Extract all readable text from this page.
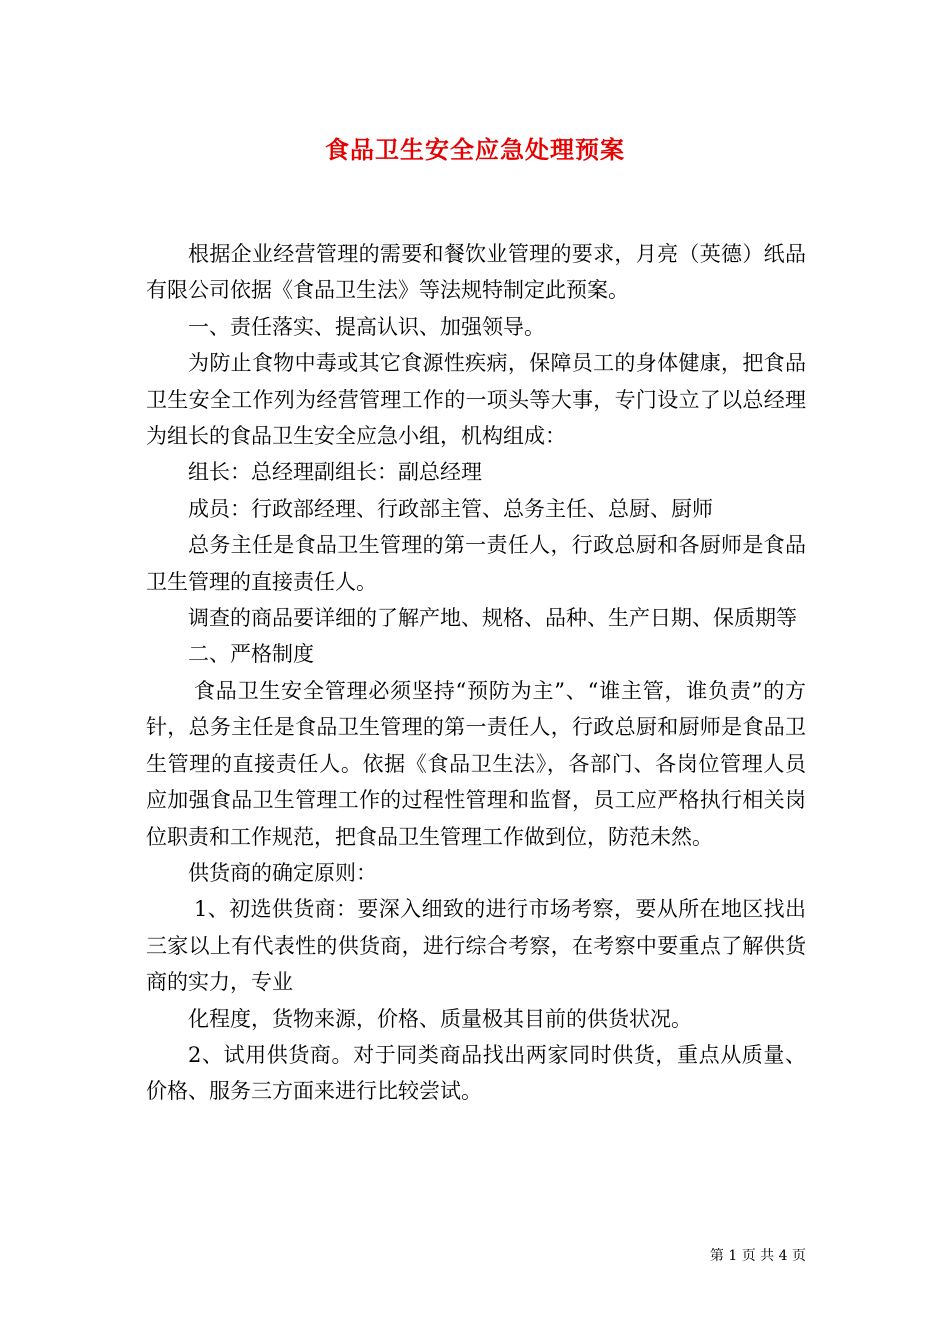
食品卫生安全应急处理预案

根据企业经营管理的需要和餐饮业管理的要求，月亮（英德）纸品有限公司依据《食品卫生法》等法规特制定此预案。

一、责任落实、提高认识、加强领导。

为防止食物中毒或其它食源性疾病，保障员工的身体健康，把食品卫生安全工作列为经营管理工作的一项头等大事，专门设立了以总经理为组长的食品卫生安全应急小组，机构组成：

组长：总经理副组长：副总经理

成员：行政部经理、行政部主管、总务主任、总厨、厨师

总务主任是食品卫生管理的第一责任人，行政总厨和各厨师是食品卫生管理的直接责任人。

调查的商品要详细的了解产地、规格、品种、生产日期、保质期等

二、严格制度

食品卫生安全管理必须坚持“预防为主”、“谁主管，谁负责”的方针，总务主任是食品卫生管理的第一责任人，行政总厨和厨师是食品卫生管理的直接责任人。依据《食品卫生法》，各部门、各岗位管理人员应加强食品卫生管理工作的过程性管理和监督，员工应严格执行相关岗位职责和工作规范，把食品卫生管理工作做到位，防范未然。

供货商的确定原则：

1、初选供货商：要深入细致的进行市场考察，要从所在地区找出三家以上有代表性的供货商，进行综合考察，在考察中要重点了解供货商的实力，专业

化程度，货物来源，价格、质量极其目前的供货状况。

2、试用供货商。对于同类商品找出两家同时供货，重点从质量、价格、服务三方面来进行比较尝试。

第 1 页 共 4 页
